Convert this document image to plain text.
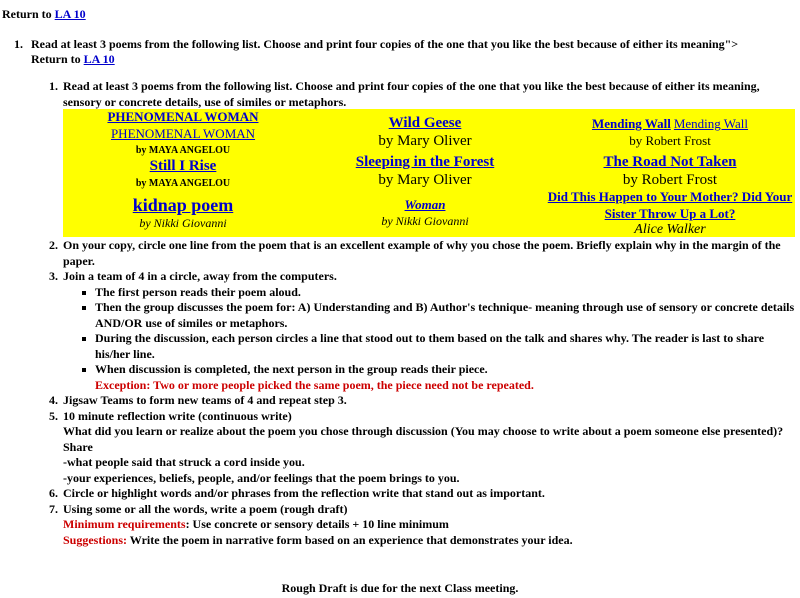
Return to LA 10
1. Read at least 3 poems from the following list. Choose and print four copies of the one that you like the best because of either its meaning">
Return to LA 10
1. Read at least 3 poems from the following list. Choose and print four copies of the one that you like the best because of either its meaning, sensory or concrete details, use of similes or metaphors.
PHENOMENAL WOMAN
PHENOMENAL WOMAN
by MAYA ANGELOU
Still I Rise
by MAYA ANGELOU
kidnap poem
by Nikki Giovanni
Wild Geese
by Mary Oliver
Sleeping in the Forest
by Mary Oliver
Woman
by Nikki Giovanni
Mending Wall Mending Wall
by Robert Frost
The Road Not Taken
by Robert Frost
Did This Happen to Your Mother? Did Your Sister Throw Up a Lot?
Alice Walker
2. On your copy, circle one line from the poem that is an excellent example of why you chose the poem. Briefly explain why in the margin of the paper.
3. Join a team of 4 in a circle, away from the computers.
The first person reads their poem aloud.
Then the group discusses the poem for: A) Understanding and B) Author's technique- meaning through use of sensory or concrete details AND/OR use of similes or metaphors.
During the discussion, each person circles a line that stood out to them based on the talk and shares why. The reader is last to share his/her line.
When discussion is completed, the next person in the group reads their piece.
Exception: Two or more people picked the same poem, the piece need not be repeated.
4. Jigsaw Teams to form new teams of 4 and repeat step 3.
5. 10 minute reflection write (continuous write)
What did you learn or realize about the poem you chose through discussion (You may choose to write about a poem someone else presented)?
Share
-what people said that struck a cord inside you.
-your experiences, beliefs, people, and/or feelings that the poem brings to you.
6. Circle or highlight words and/or phrases from the reflection write that stand out as important.
7. Using some or all the words, write a poem (rough draft)
Minimum requirements: Use concrete or sensory details + 10 line minimum
Suggestions: Write the poem in narrative form based on an experience that demonstrates your idea.
Rough Draft is due for the next Class meeting.
